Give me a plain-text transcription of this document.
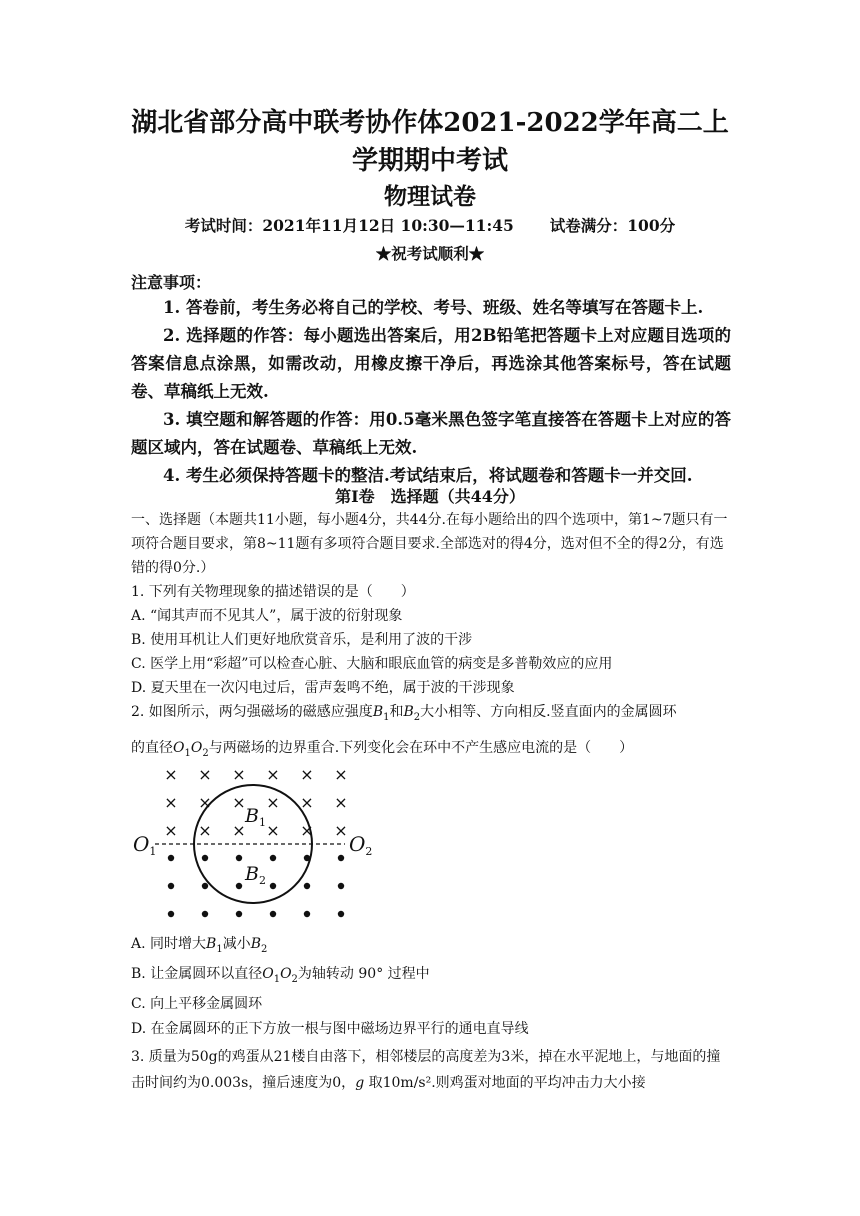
湖北省部分高中联考协作体2021-2022学年高二上学期期中考试
物理试卷
考试时间：2021年11月12日 10:30—11:45 试卷满分：100分
★祝考试顺利★
注意事项：

1. 答卷前，考生务必将自己的学校、考号、班级、姓名等填写在答题卡上.

2. 选择题的作答：每小题选出答案后，用2B铅笔把答题卡上对应题目选项的答案信息点涂黑，如需改动，用橡皮擦干净后，再选涂其他答案标号，答在试题卷、草稿纸上无效.

3. 填空题和解答题的作答：用0.5毫米黑色签字笔直接答在答题卡上对应的答题区域内，答在试题卷、草稿纸上无效.

4. 考生必须保持答题卡的整洁.考试结束后，将试题卷和答题卡一并交回.

第Ⅰ卷　选择题（共44分）

一、选择题（本题共11小题，每小题4分，共44分.在每小题给出的四个选项中，第1~7题只有一项符合题目要求，第8~11题有多项符合题目要求.全部选对的得4分，选对但不全的得2分，有选错的得0分.）

1. 下列有关物理现象的描述错误的是（　　）

A. “闻其声而不见其人”，属于波的衍射现象

B. 使用耳机让人们更好地欣赏音乐，是利用了波的干涉

C. 医学上用“彩超”可以检查心脏、大脑和眼底血管的病变是多普勒效应的应用

D. 夏天里在一次闪电过后，雷声轰鸣不绝，属于波的干涉现象

2. 如图所示，两匀强磁场的磁感应强度$B_1$和$B_2$大小相等、方向相反.竖直面内的金属圆环

的直径$O_1O_2$与两磁场的边界重合.下列变化会在环中不产生感应电流的是（　　）

× × × × × ×
× × × × × ×
× × × × × ×
$O_1$	$O_2$
$B_1$
$B_2$

A. 同时增大$B_1$减小$B_2$

B. 让金属圆环以直径$O_1O_2$为轴转动 90° 过程中

C. 向上平移金属圆环

D. 在金属圆环的正下方放一根与图中磁场边界平行的通电直导线

3. 质量为50g的鸡蛋从21楼自由落下，相邻楼层的高度差为3米，掉在水平泥地上，与地面的撞击时间约为0.003s，撞后速度为0，g 取10m/s².则鸡蛋对地面的平均冲击力大小接
